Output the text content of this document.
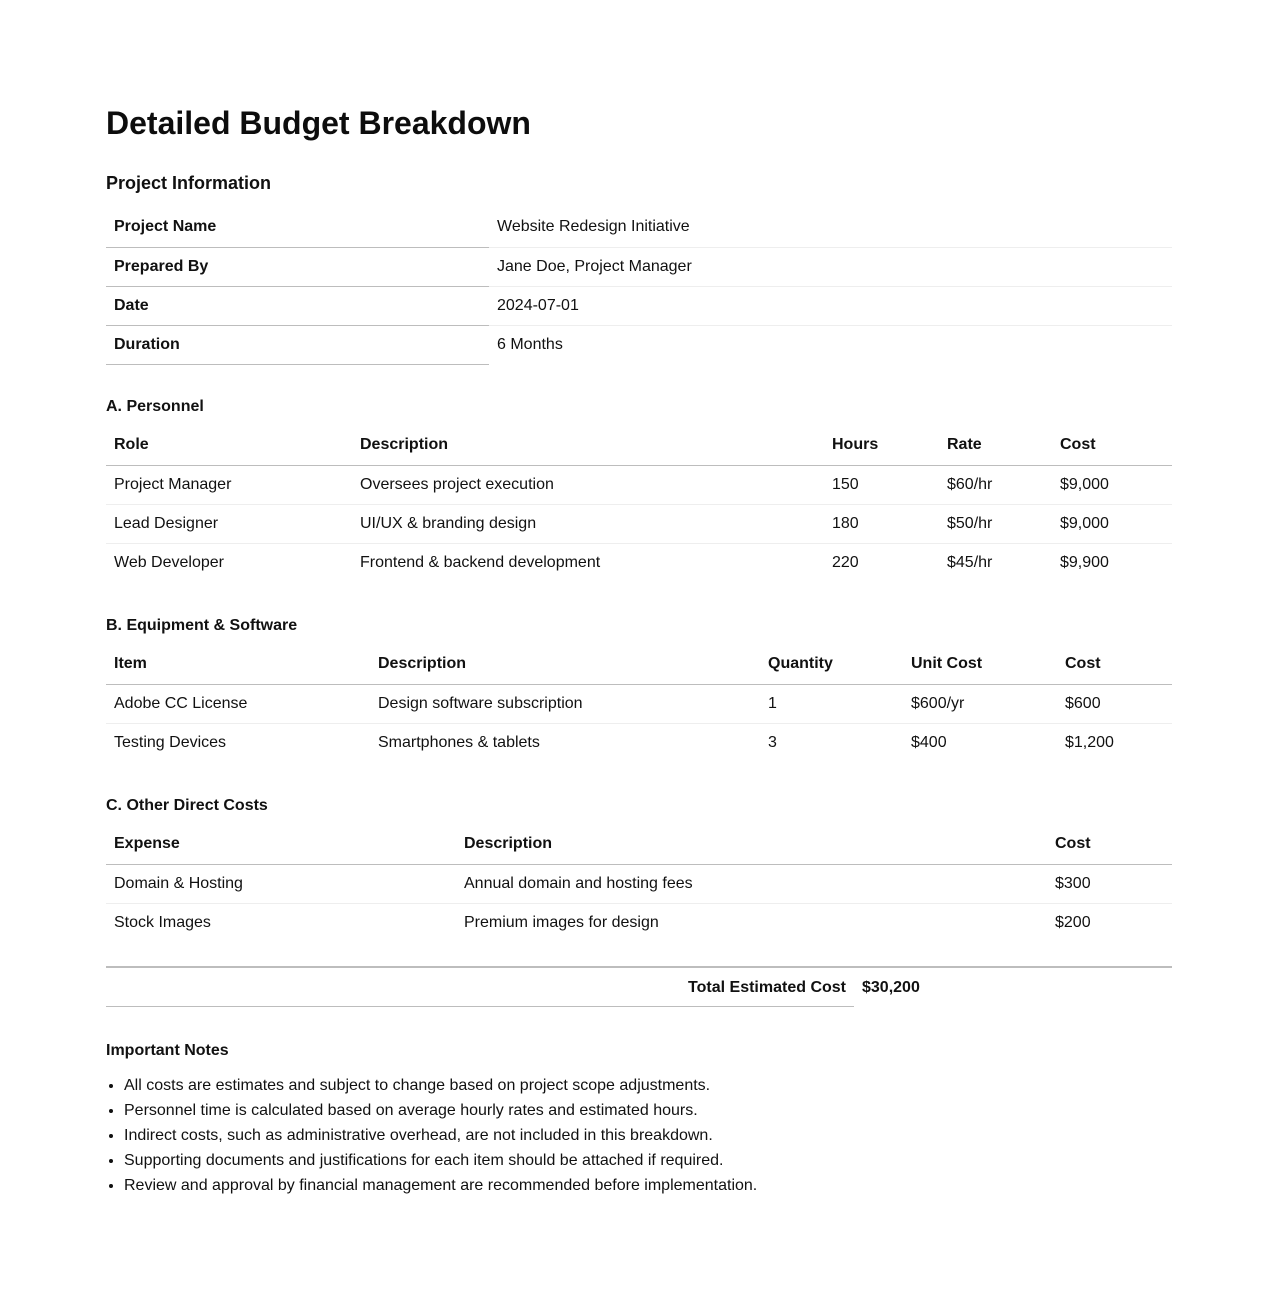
Detailed Budget Breakdown
Project Information
Project Name	Website Redesign Initiative
Prepared By	Jane Doe, Project Manager
Date	2024-07-01
Duration	6 Months
A. Personnel
Role	Description	Hours	Rate	Cost
Project Manager	Oversees project execution	150	$60/hr	$9,000
Lead Designer	UI/UX & branding design	180	$50/hr	$9,000
Web Developer	Frontend & backend development	220	$45/hr	$9,900
B. Equipment & Software
Item	Description	Quantity	Unit Cost	Cost
Adobe CC License	Design software subscription	1	$600/yr	$600
Testing Devices	Smartphones & tablets	3	$400	$1,200
C. Other Direct Costs
Expense	Description	Cost
Domain & Hosting	Annual domain and hosting fees	$300
Stock Images	Premium images for design	$200
Total Estimated Cost	$30,200
Important Notes
• All costs are estimates and subject to change based on project scope adjustments.
• Personnel time is calculated based on average hourly rates and estimated hours.
• Indirect costs, such as administrative overhead, are not included in this breakdown.
• Supporting documents and justifications for each item should be attached if required.
• Review and approval by financial management are recommended before implementation.
